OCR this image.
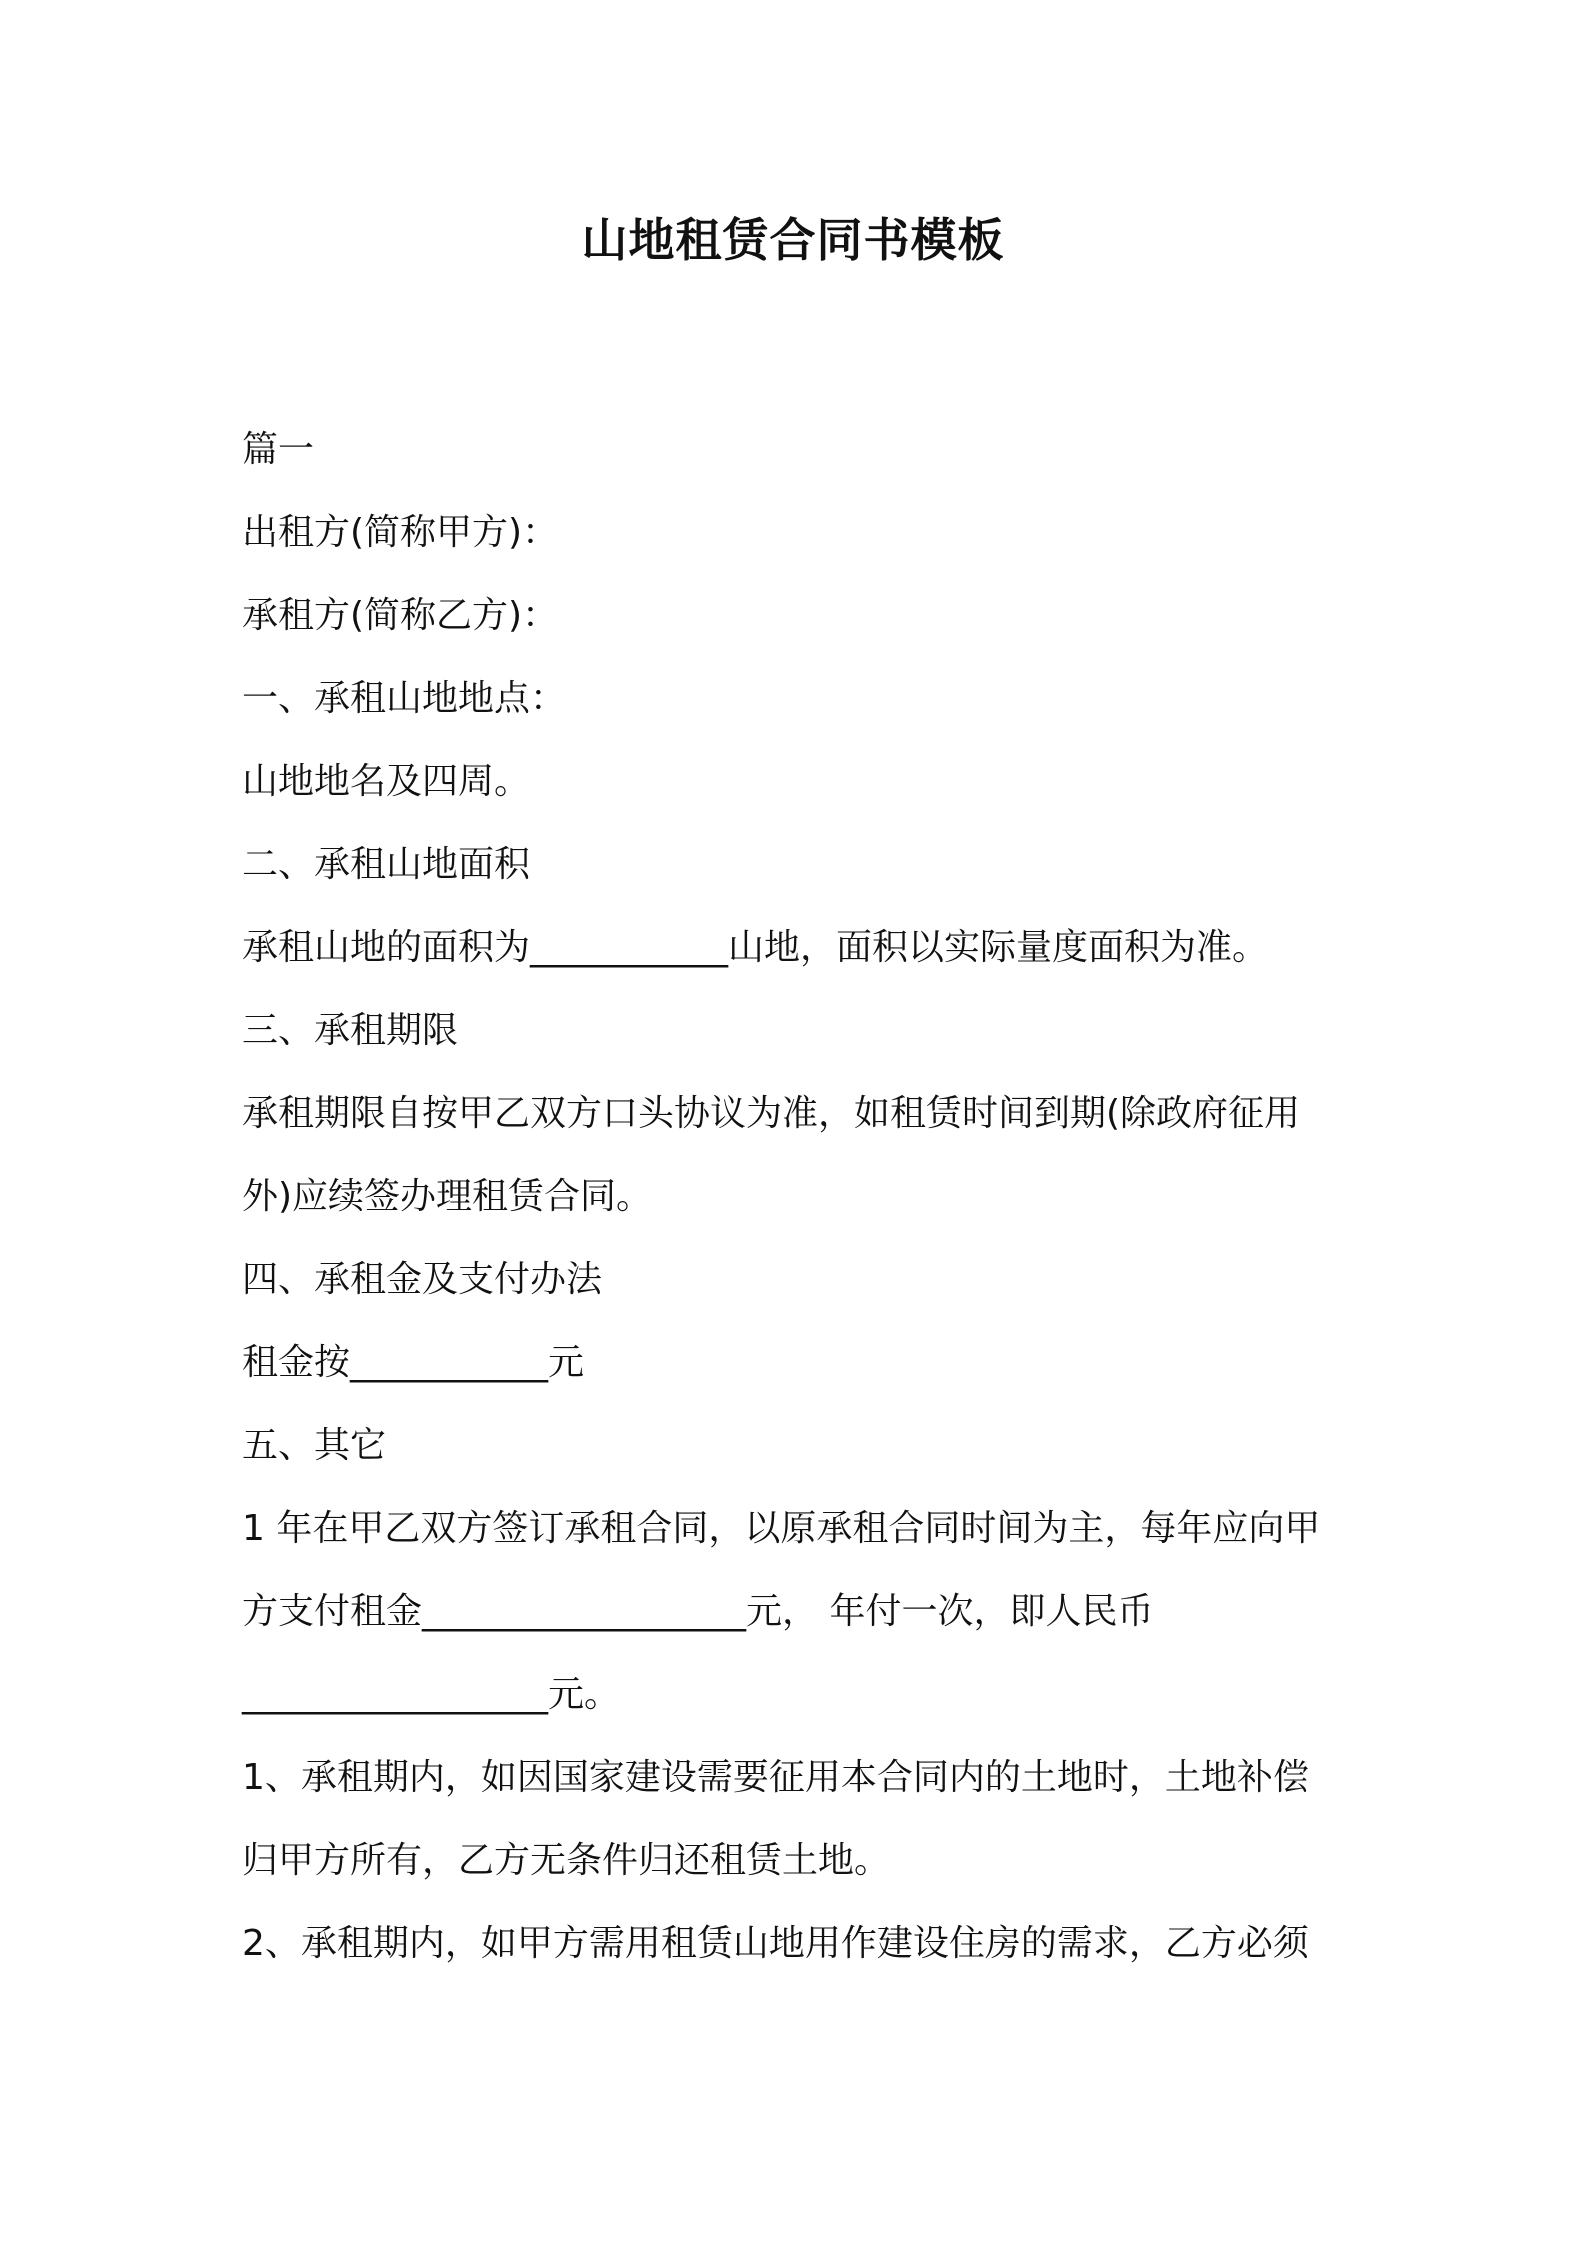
山地租赁合同书模板
篇一
出租方(简称甲方)：
承租方(简称乙方)：
一、承租山地地点：
山地地名及四周。
二、承租山地面积
承租山地的面积为___________山地，面积以实际量度面积为准。
三、承租期限
承租期限自按甲乙双方口头协议为准，如租赁时间到期(除政府征用
外)应续签办理租赁合同。
四、承租金及支付办法
租金按___________元
五、其它
1 年在甲乙双方签订承租合同，以原承租合同时间为主，每年应向甲
方支付租金__________________元， 年付一次，即人民币
_________________元。
1、承租期内，如因国家建设需要征用本合同内的土地时，土地补偿
归甲方所有，乙方无条件归还租赁土地。
2、承租期内，如甲方需用租赁山地用作建设住房的需求，乙方必须
